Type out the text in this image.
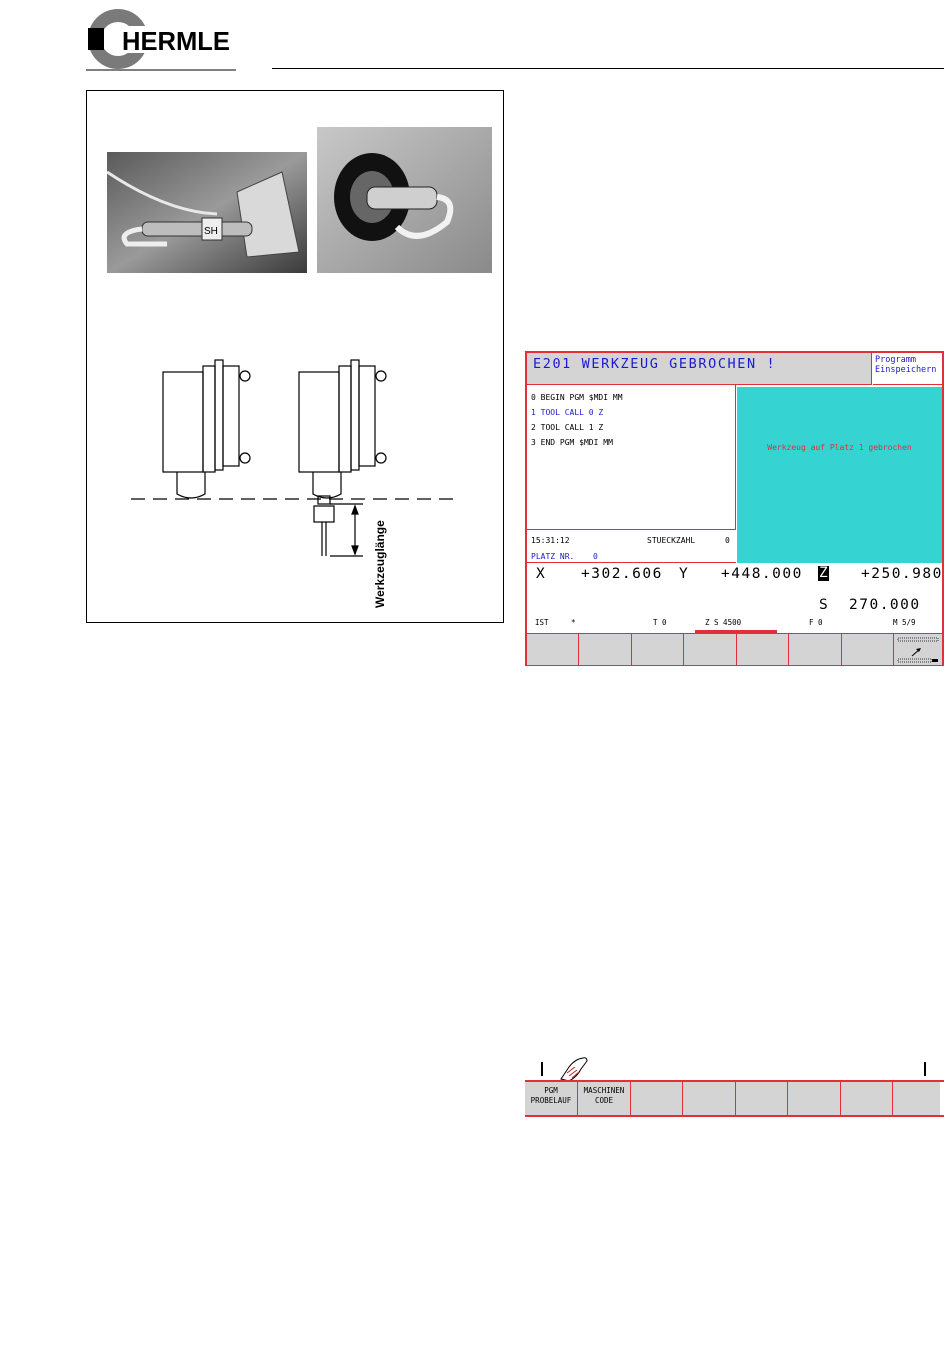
HERMLE
SH
Werkzeuglänge
E201 WERKZEUG GEBROCHEN !	Programm
Einspeichern
0 BEGIN PGM $MDI MM
1 TOOL CALL 0 Z
2 TOOL CALL 1 Z
3 END PGM $MDI MM
Werkzeug auf Platz 1 gebrochen
15:31:12	STUECKZAHL	0
PLATZ NR. 0
X +302.606 Y +448.000 Z +250.980
S 270.000
IST	*	T 0	Z S 4500	F 0	M 5/9
PGM
PROBELAUF
MASCHINEN
CODE
